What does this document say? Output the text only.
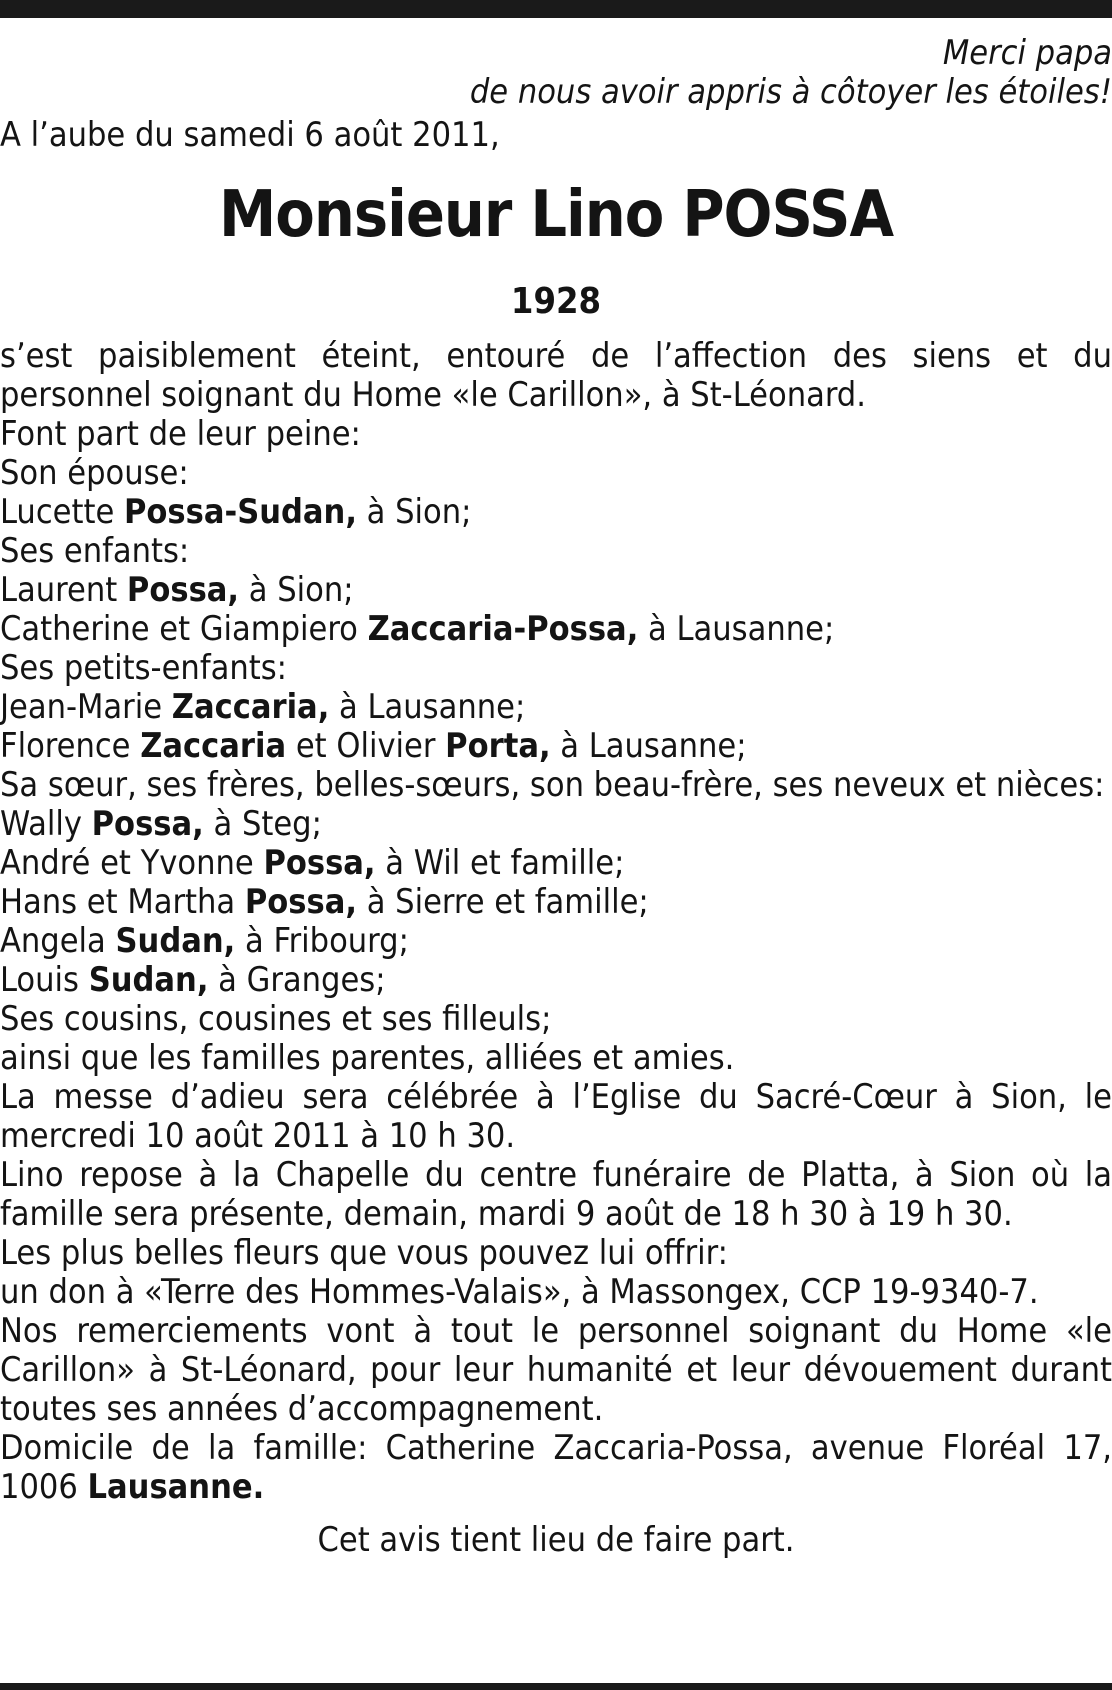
Merci papa
de nous avoir appris à côtoyer les étoiles!
A l’aube du samedi 6 août 2011,
Monsieur Lino POSSA
1928
s’est paisiblement éteint, entouré de l’affection des siens et du personnel soignant du Home «le Carillon», à St-Léonard.
Font part de leur peine:
Son épouse:
Lucette Possa-Sudan, à Sion;
Ses enfants:
Laurent Possa, à Sion;
Catherine et Giampiero Zaccaria-Possa, à Lausanne;
Ses petits-enfants:
Jean-Marie Zaccaria, à Lausanne;
Florence Zaccaria et Olivier Porta, à Lausanne;
Sa sœur, ses frères, belles-sœurs, son beau-frère, ses neveux et nièces:
Wally Possa, à Steg;
André et Yvonne Possa, à Wil et famille;
Hans et Martha Possa, à Sierre et famille;
Angela Sudan, à Fribourg;
Louis Sudan, à Granges;
Ses cousins, cousines et ses filleuls;
ainsi que les familles parentes, alliées et amies.
La messe d’adieu sera célébrée à l’Eglise du Sacré-Cœur à Sion, le mercredi 10 août 2011 à 10 h 30.
Lino repose à la Chapelle du centre funéraire de Platta, à Sion où la famille sera présente, demain, mardi 9 août de 18 h 30 à 19 h 30.
Les plus belles fleurs que vous pouvez lui offrir:
un don à «Terre des Hommes-Valais», à Massongex, CCP 19-9340-7.
Nos remerciements vont à tout le personnel soignant du Home «le Carillon» à St-Léonard, pour leur humanité et leur dévouement durant toutes ses années d’accompagnement.
Domicile de la famille: Catherine Zaccaria-Possa, avenue Floréal 17, 1006 Lausanne.
Cet avis tient lieu de faire part.
